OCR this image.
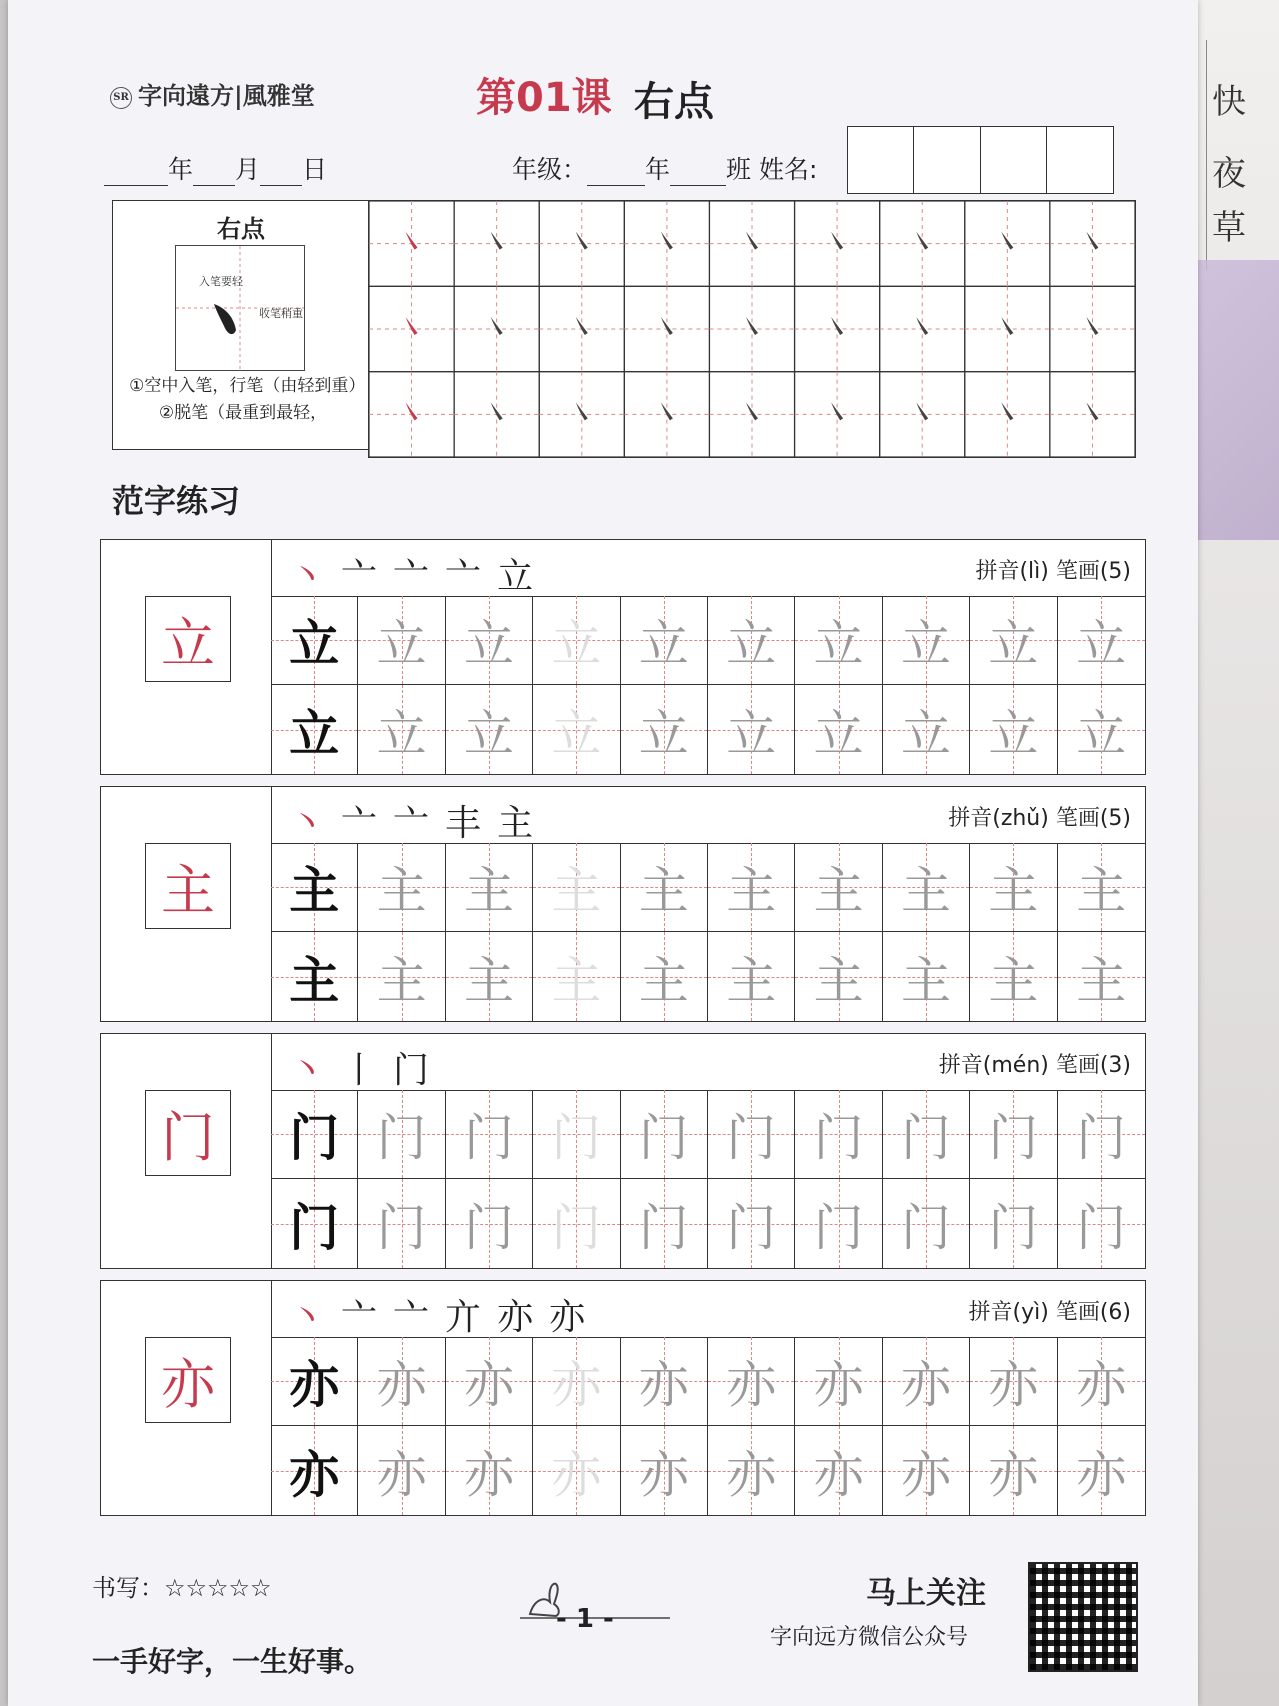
快
夜
草
SR 字向遠方|風雅堂	第01课 右点
年 月 日	年级： 年 班 姓名:
右点
入笔要轻
收笔稍重
①空中入笔，行笔（由轻到重）②脱笔（最重到最轻，
范字练习
立
丶 亠 亠 亠 立	拼音(lì) 笔画(5)
立 立 立 立 立 立 立 立 立 立
立 立 立 立 立 立 立 立 立 立
主
丶 亠 亠 丰 主	拼音(zhǔ) 笔画(5)
主 主 主 主 主 主 主 主 主 主
主 主 主 主 主 主 主 主 主 主
门
丶 丨 门	拼音(mén) 笔画(3)
门 门 门 门 门 门 门 门 门 门
门 门 门 门 门 门 门 门 门 门
亦
丶 亠 亠 亣 亦 亦	拼音(yì) 笔画(6)
亦 亦 亦 亦 亦 亦 亦 亦 亦 亦
亦 亦 亦 亦 亦 亦 亦 亦 亦 亦
书写：☆☆☆☆☆
一手好字，一生好事。
- 1 -
马上关注
字向远方微信公众号
